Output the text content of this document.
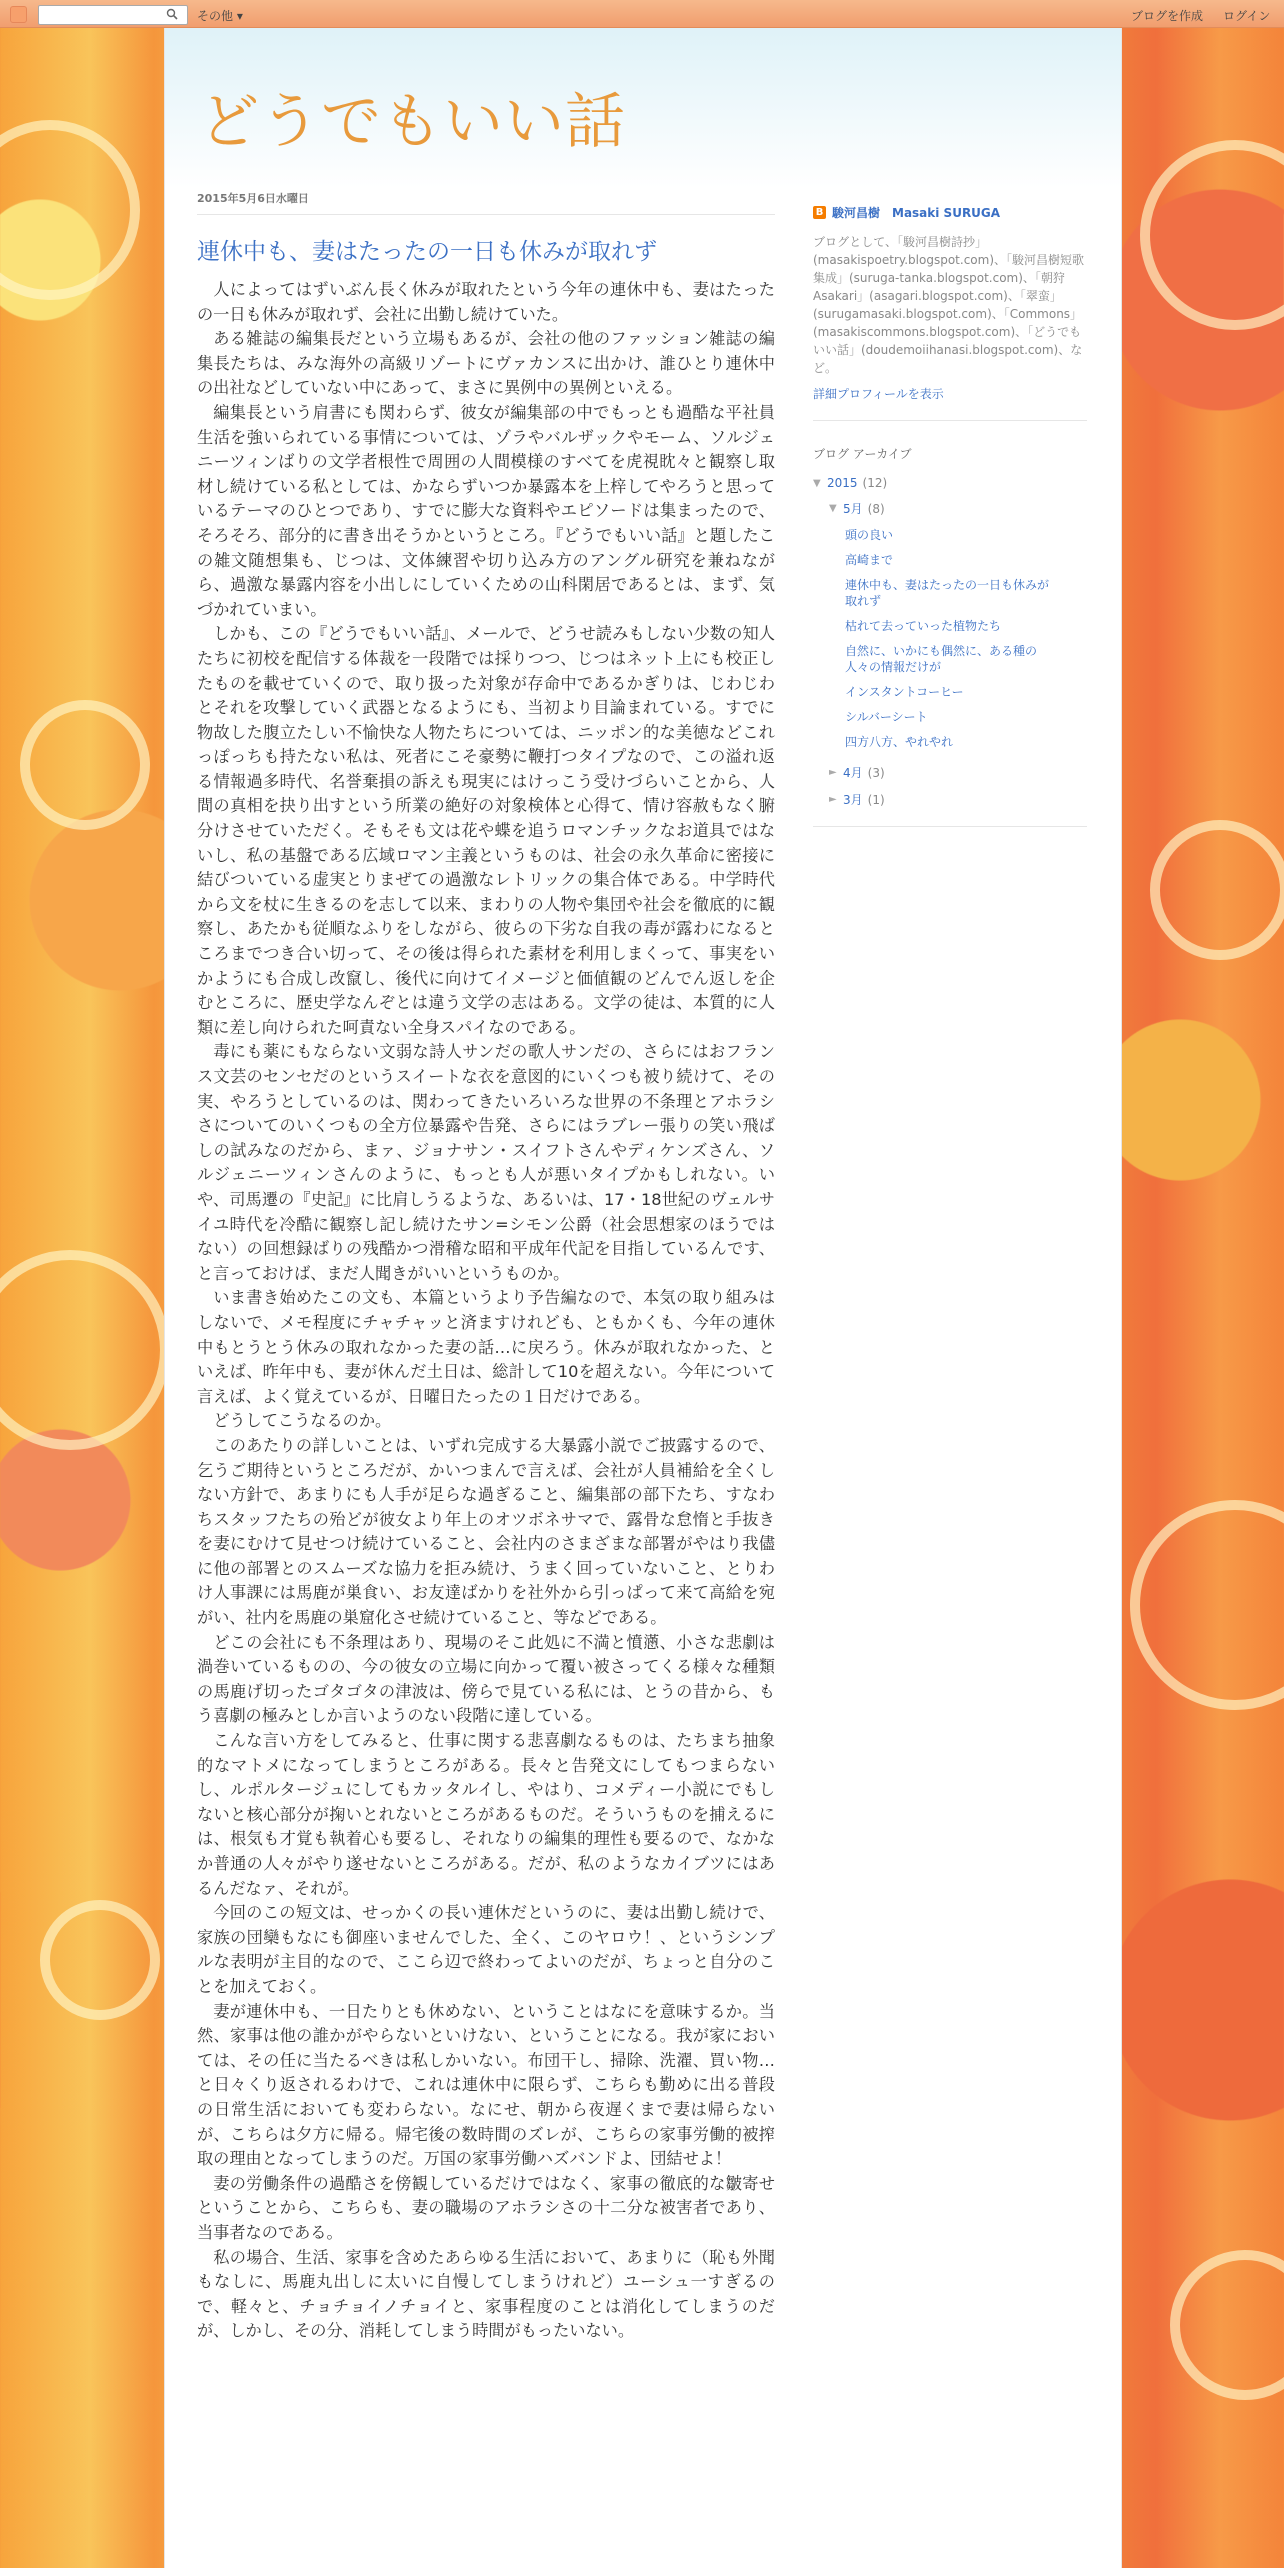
その他 ▾	ブログを作成 ログイン
どうでもいい話
2015年5月6日水曜日
連休中も、妻はたったの一日も休みが取れず

人によってはずいぶん長く休みが取れたという今年の連休中も、妻はたったの一日も休みが取れず、会社に出勤し続けていた。

ある雑誌の編集長だという立場もあるが、会社の他のファッション雑誌の編集長たちは、みな海外の高級リゾートにヴァカンスに出かけ、誰ひとり連休中の出社などしていない中にあって、まさに異例中の異例といえる。

編集長という肩書にも関わらず、彼女が編集部の中でもっとも過酷な平社員生活を強いられている事情については、ゾラやバルザックやモーム、ソルジェニーツィンばりの文学者根性で周囲の人間模様のすべてを虎視眈々と観察し取材し続けている私としては、かならずいつか暴露本を上梓してやろうと思っているテーマのひとつであり、すでに膨大な資料やエピソードは集まったので、そろそろ、部分的に書き出そうかというところ。『どうでもいい話』と題したこの雑文随想集も、じつは、文体練習や切り込み方のアングル研究を兼ねながら、過激な暴露内容を小出しにしていくための山科閑居であるとは、まず、気づかれていまい。

しかも、この『どうでもいい話』、メールで、どうせ読みもしない少数の知人たちに初校を配信する体裁を一段階では採りつつ、じつはネット上にも校正したものを載せていくので、取り扱った対象が存命中であるかぎりは、じわじわとそれを攻撃していく武器となるようにも、当初より目論まれている。すでに物故した腹立たしい不愉快な人物たちについては、ニッポン的な美徳などこれっぽっちも持たない私は、死者にこそ豪勢に鞭打つタイプなので、この溢れ返る情報過多時代、名誉棄損の訴えも現実にはけっこう受けづらいことから、人間の真相を抉り出すという所業の絶好の対象検体と心得て、情け容赦もなく腑分けさせていただく。そもそも文は花や蝶を追うロマンチックなお道具ではないし、私の基盤である広域ロマン主義というものは、社会の永久革命に密接に結びついている虚実とりまぜての過激なレトリックの集合体である。中学時代から文を杖に生きるのを志して以来、まわりの人物や集団や社会を徹底的に観察し、あたかも従順なふりをしながら、彼らの下劣な自我の毒が露わになるところまでつき合い切って、その後は得られた素材を利用しまくって、事実をいかようにも合成し改竄し、後代に向けてイメージと価値観のどんでん返しを企むところに、歴史学なんぞとは違う文学の志はある。文学の徒は、本質的に人類に差し向けられた呵責ない全身スパイなのである。

毒にも薬にもならない文弱な詩人サンだの歌人サンだの、さらにはおフランス文芸のセンセだのというスイートな衣を意図的にいくつも被り続けて、その実、やろうとしているのは、関わってきたいろいろな世界の不条理とアホラシさについてのいくつもの全方位暴露や告発、さらにはラブレー張りの笑い飛ばしの試みなのだから、まァ、ジョナサン・スイフトさんやディケンズさん、ソルジェニーツィンさんのように、もっとも人が悪いタイプかもしれない。いや、司馬遷の『史記』に比肩しうるような、あるいは、17・18世紀のヴェルサイユ時代を冷酷に観察し記し続けたサン=シモン公爵（社会思想家のほうではない）の回想録ばりの残酷かつ滑稽な昭和平成年代記を目指しているんです、と言っておけば、まだ人聞きがいいというものか。

いま書き始めたこの文も、本篇というより予告編なので、本気の取り組みはしないで、メモ程度にチャチャッと済ますけれども、ともかくも、今年の連休中もとうとう休みの取れなかった妻の話…に戻ろう。休みが取れなかった、といえば、昨年中も、妻が休んだ土日は、総計して10を超えない。今年について言えば、よく覚えているが、日曜日たったの１日だけである。

どうしてこうなるのか。

このあたりの詳しいことは、いずれ完成する大暴露小説でご披露するので、乞うご期待というところだが、かいつまんで言えば、会社が人員補給を全くしない方針で、あまりにも人手が足らな過ぎること、編集部の部下たち、すなわちスタッフたちの殆どが彼女より年上のオツボネサマで、露骨な怠惰と手抜きを妻にむけて見せつけ続けていること、会社内のさまざまな部署がやはり我儘に他の部署とのスムーズな協力を拒み続け、うまく回っていないこと、とりわけ人事課には馬鹿が巣食い、お友達ばかりを社外から引っぱって来て高給を宛がい、社内を馬鹿の巣窟化させ続けていること、等などである。

どこの会社にも不条理はあり、現場のそこ此処に不満と憤懣、小さな悲劇は渦巻いているものの、今の彼女の立場に向かって覆い被さってくる様々な種類の馬鹿げ切ったゴタゴタの津波は、傍らで見ている私には、とうの昔から、もう喜劇の極みとしか言いようのない段階に達している。

こんな言い方をしてみると、仕事に関する悲喜劇なるものは、たちまち抽象的なマトメになってしまうところがある。長々と告発文にしてもつまらないし、ルポルタージュにしてもカッタルイし、やはり、コメディー小説にでもしないと核心部分が掬いとれないところがあるものだ。そういうものを捕えるには、根気も才覚も執着心も要るし、それなりの編集的理性も要るので、なかなか普通の人々がやり遂せないところがある。だが、私のようなカイブツにはあるんだなァ、それが。

今回のこの短文は、せっかくの長い連休だというのに、妻は出勤し続けで、家族の団欒もなにも御座いませんでした、全く、このヤロウ！、というシンプルな表明が主目的なので、ここら辺で終わってよいのだが、ちょっと自分のことを加えておく。

妻が連休中も、一日たりとも休めない、ということはなにを意味するか。当然、家事は他の誰かがやらないといけない、ということになる。我が家においては、その任に当たるべきは私しかいない。布団干し、掃除、洗濯、買い物…と日々くり返されるわけで、これは連休中に限らず、こちらも勤めに出る普段の日常生活においても変わらない。なにせ、朝から夜遅くまで妻は帰らないが、こちらは夕方に帰る。帰宅後の数時間のズレが、こちらの家事労働的被搾取の理由となってしまうのだ。万国の家事労働ハズバンドよ、団結せよ！

妻の労働条件の過酷さを傍観しているだけではなく、家事の徹底的な皺寄せということから、こちらも、妻の職場のアホラシさの十二分な被害者であり、当事者なのである。

私の場合、生活、家事を含めたあらゆる生活において、あまりに（恥も外聞もなしに、馬鹿丸出しに太いに自慢してしまうけれど）ユーシュ一すぎるので、軽々と、チョチョイノチョイと、家事程度のことは消化してしまうのだが、しかし、その分、消耗してしまう時間がもったいない。

B 駿河昌樹　Masaki SURUGA
ブログとして、「駿河昌樹詩抄」(masakispoetry.blogspot.com)、「駿河昌樹短歌集成」(suruga-tanka.blogspot.com)、「朝狩Asakari」(asagari.blogspot.com)、「翠蛮」(surugamasaki.blogspot.com)、「Commons」(masakiscommons.blogspot.com)、「どうでもいい話」(doudemoiihanasi.blogspot.com)、など。
詳細プロフィールを表示
ブログ アーカイブ
▼ 2015 (12)
▼ 5月 (8)
頭の良い
高崎まで
連休中も、妻はたったの一日も休みが取れず
枯れて去っていった植物たち
自然に、いかにも偶然に、ある種の人々の情報だけが
インスタントコーヒー
シルバーシート
四方八方、やれやれ
► 4月 (3)
► 3月 (1)
